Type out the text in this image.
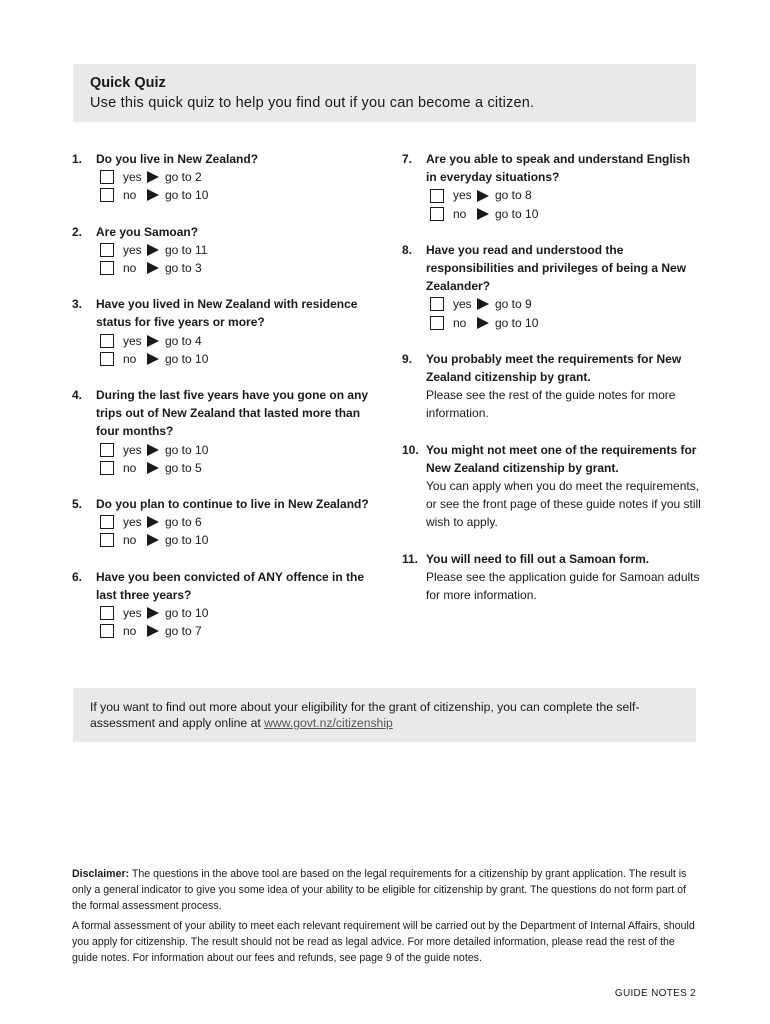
Quick Quiz
Use this quick quiz to help you find out if you can become a citizen.
1. Do you live in New Zealand?
yes	go to 2
no	go to 10
2. Are you Samoan?
yes	go to 11
no	go to 3
3. Have you lived in New Zealand with residence status for five years or more?
yes	go to 4
no	go to 10
4. During the last five years have you gone on any trips out of New Zealand that lasted more than four months?
yes	go to 10
no	go to 5
5. Do you plan to continue to live in New Zealand?
yes	go to 6
no	go to 10
6. Have you been convicted of ANY offence in the last three years?
yes	go to 10
no	go to 7
7. Are you able to speak and understand English in everyday situations?
yes	go to 8
no	go to 10
8. Have you read and understood the responsibilities and privileges of being a New Zealander?
yes	go to 9
no	go to 10
9. You probably meet the requirements for New Zealand citizenship by grant.
Please see the rest of the guide notes for more information.
10. You might not meet one of the requirements for New Zealand citizenship by grant.
You can apply when you do meet the requirements, or see the front page of these guide notes if you still wish to apply.
11. You will need to fill out a Samoan form.
Please see the application guide for Samoan adults for more information.
If you want to find out more about your eligibility for the grant of citizenship, you can complete the self-assessment and apply online at www.govt.nz/citizenship

Disclaimer: The questions in the above tool are based on the legal requirements for a citizenship by grant application. The result is only a general indicator to give you some idea of your ability to be eligible for citizenship by grant. The questions do not form part of the formal assessment process.

A formal assessment of your ability to meet each relevant requirement will be carried out by the Department of Internal Affairs, should you apply for citizenship. The result should not be read as legal advice. For more detailed information, please read the rest of the guide notes. For information about our fees and refunds, see page 9 of the guide notes.

GUIDE NOTES 2
